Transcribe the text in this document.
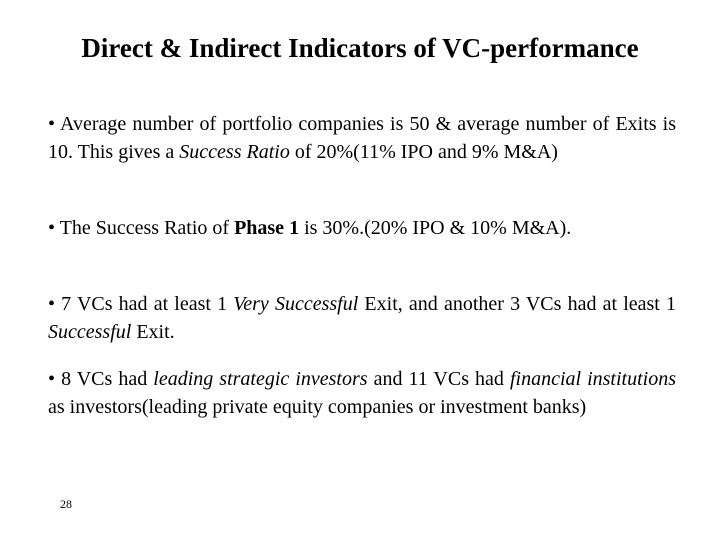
Direct & Indirect Indicators of VC-performance
• Average number of portfolio companies is 50 & average number of Exits is 10. This gives a Success Ratio of 20%(11% IPO and 9% M&A)
• The Success Ratio of Phase 1 is 30%.(20% IPO & 10% M&A).
• 7 VCs had at least 1 Very Successful Exit, and another 3 VCs had at least 1 Successful Exit.
• 8 VCs had leading strategic investors and 11 VCs had financial institutions as investors(leading private equity companies or investment banks)
28
